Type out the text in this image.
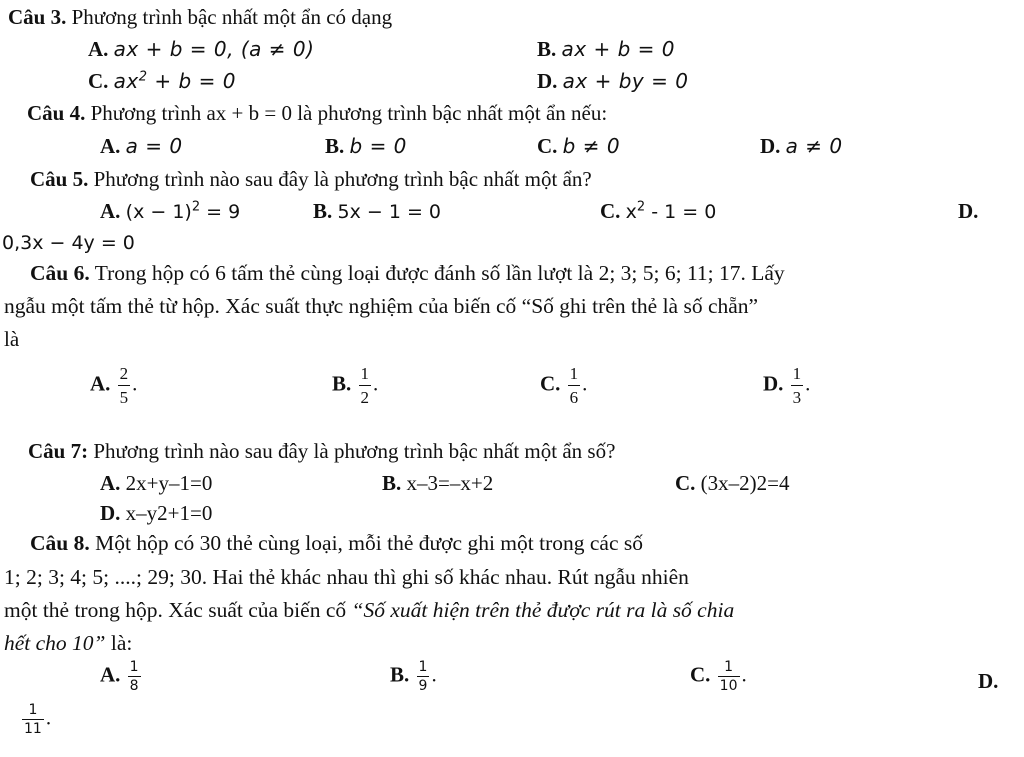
Câu 3. Phương trình bậc nhất một ẩn có dạng
A. ax + b = 0, (a ≠ 0)	B. ax + b = 0
C. $ax^2 + b = 0$	D. ax + by = 0
Câu 4. Phương trình ax + b = 0 là phương trình bậc nhất một ẩn nếu:
A. a = 0	B. b = 0	C. b ≠ 0	D. a ≠ 0
Câu 5. Phương trình nào sau đây là phương trình bậc nhất một ẩn?
A. $(x - 1)^2 = 9$	B. 5x − 1 = 0	C. $x^2 - 1 = 0$	D.
0,3x − 4y = 0
Câu 6. Trong hộp có 6 tấm thẻ cùng loại được đánh số lần lượt là 2; 3; 5; 6; 11; 17. Lấy
ngẫu một tấm thẻ từ hộp. Xác suất thực nghiệm của biến cố “Số ghi trên thẻ là số chẵn”
là
A. $\frac{2}{5}$ .	B. $\frac{1}{2}$ .	C. $\frac{1}{6}$ .	D. $\frac{1}{3}$ .
Câu 7: Phương trình nào sau đây là phương trình bậc nhất một ẩn số?
A. 2x+y–1=0	B. x–3=–x+2	C. (3x–2)2=4
D. x–y2+1=0
Câu 8. Một hộp có 30 thẻ cùng loại, mỗi thẻ được ghi một trong các số
1; 2; 3; 4; 5; ....; 29; 30. Hai thẻ khác nhau thì ghi số khác nhau. Rút ngẫu nhiên
một thẻ trong hộp. Xác suất của biến cố “Số xuất hiện trên thẻ được rút ra là số chia
hết cho 10” là:
A. $\frac{1}{8}$	B. $\frac{1}{9}$ .	C. $\frac{1}{10}$ .	D.
$\frac{1}{11}$ .
